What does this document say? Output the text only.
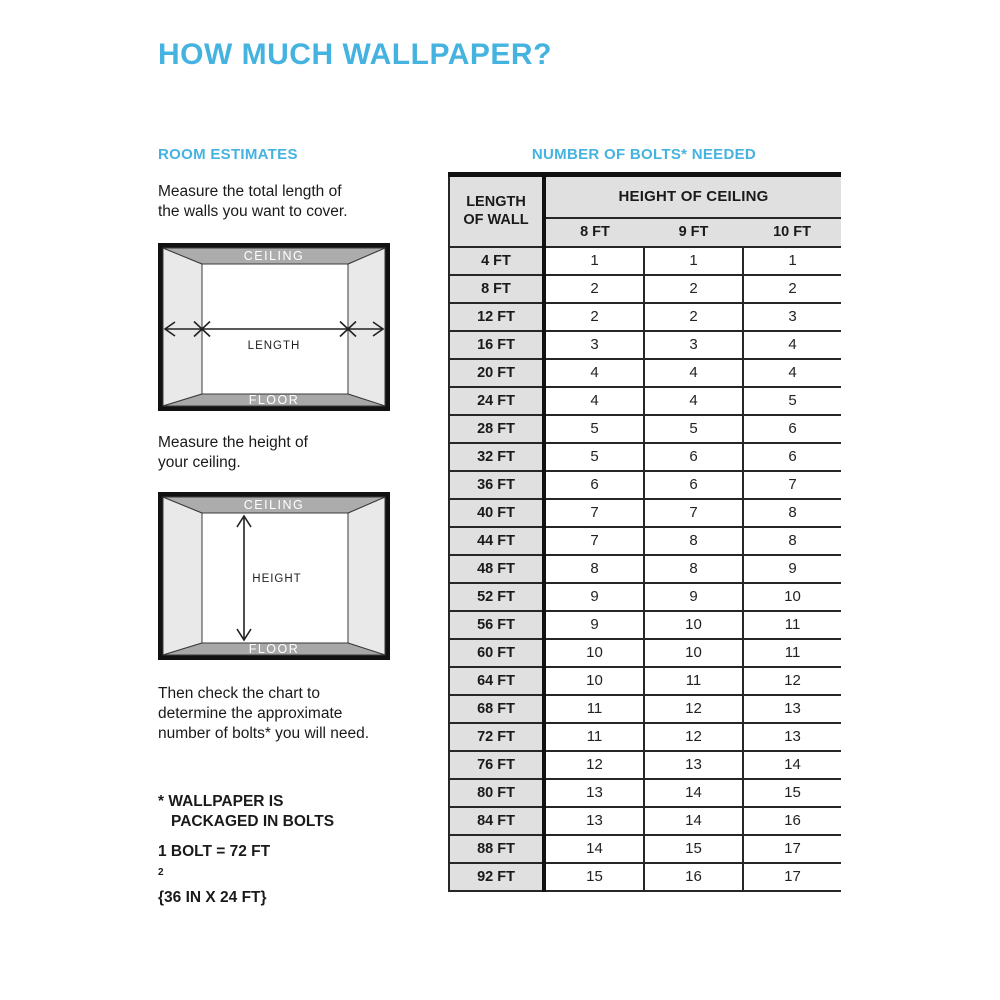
HOW MUCH WALLPAPER?
ROOM ESTIMATES
Measure the total length of
the walls you want to cover.
CEILING
FLOOR
LENGTH
Measure the height of
your ceiling.
CEILING
FLOOR
HEIGHT
Then check the chart to
determine the approximate
number of bolts* you will need.
* WALLPAPER IS
PACKAGED IN BOLTS
1 BOLT = 72 FT
$^2$
{36 IN X 24 FT}
NUMBER OF BOLTS* NEEDED
LENGTH
OF WALL	HEIGHT OF CEILING		
	8 FT	9 FT	10 FT
4 FT	1	1	1
8 FT	2	2	2
12 FT	2	2	3
16 FT	3	3	4
20 FT	4	4	4
24 FT	4	4	5
28 FT	5	5	6
32 FT	5	6	6
36 FT	6	6	7
40 FT	7	7	8
44 FT	7	8	8
48 FT	8	8	9
52 FT	9	9	10
56 FT	9	10	11
60 FT	10	10	11
64 FT	10	11	12
68 FT	11	12	13
72 FT	11	12	13
76 FT	12	13	14
80 FT	13	14	15
84 FT	13	14	16
88 FT	14	15	17
92 FT	15	16	17
